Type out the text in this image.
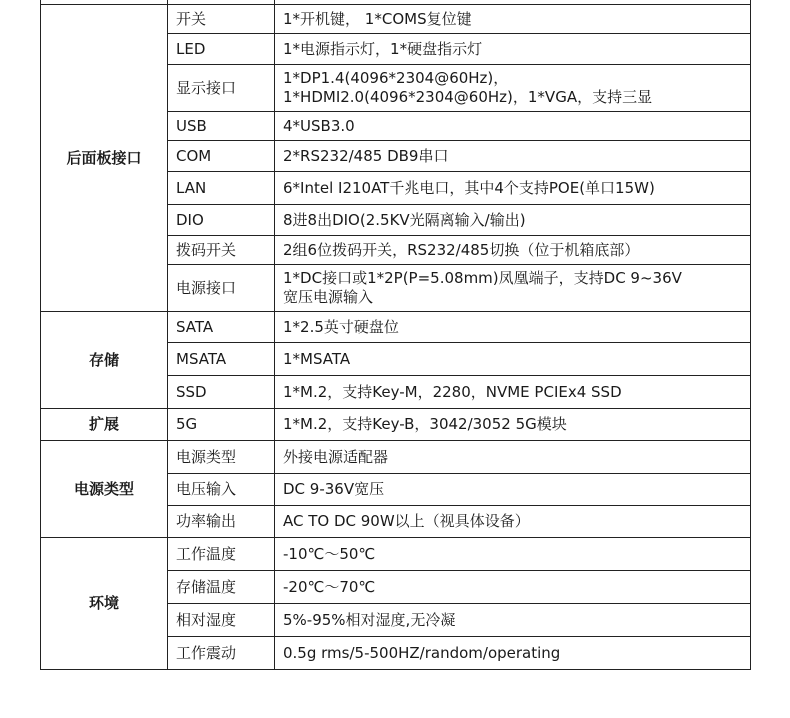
后面板接口	开关	1*开机键， 1*COMS复位键
	LED	1*电源指示灯，1*硬盘指示灯
	显示接口	1*DP1.4(4096*2304@60Hz)，
1*HDMI2.0(4096*2304@60Hz)，1*VGA，支持三显

	USB	4*USB3.0
	COM	2*RS232/485 DB9串口
	LAN	6*Intel I210AT千兆电口，其中4个支持POE(单口15W)
	DIO	8进8出DIO(2.5KV光隔离输入/输出)
	拨码开关	2组6位拨码开关，RS232/485切换（位于机箱底部）
	电源接口	1*DC接口或1*2P(P=5.08mm)凤凰端子，支持DC 9~36V
宽压电源输入

存储	SATA	1*2.5英寸硬盘位
	MSATA	1*MSATA
	SSD	1*M.2，支持Key-M，2280，NVME PCIEx4 SSD
扩展	5G	1*M.2，支持Key-B，3042/3052 5G模块
电源类型	电源类型	外接电源适配器
	电压输入	DC 9-36V宽压
	功率输出	AC TO DC 90W以上（视具体设备）
环境	工作温度	-10℃～50℃
	存储温度	-20℃～70℃
	相对湿度	5%-95%相对湿度,无冷凝
	工作震动	0.5g rms/5-500HZ/random/operating
